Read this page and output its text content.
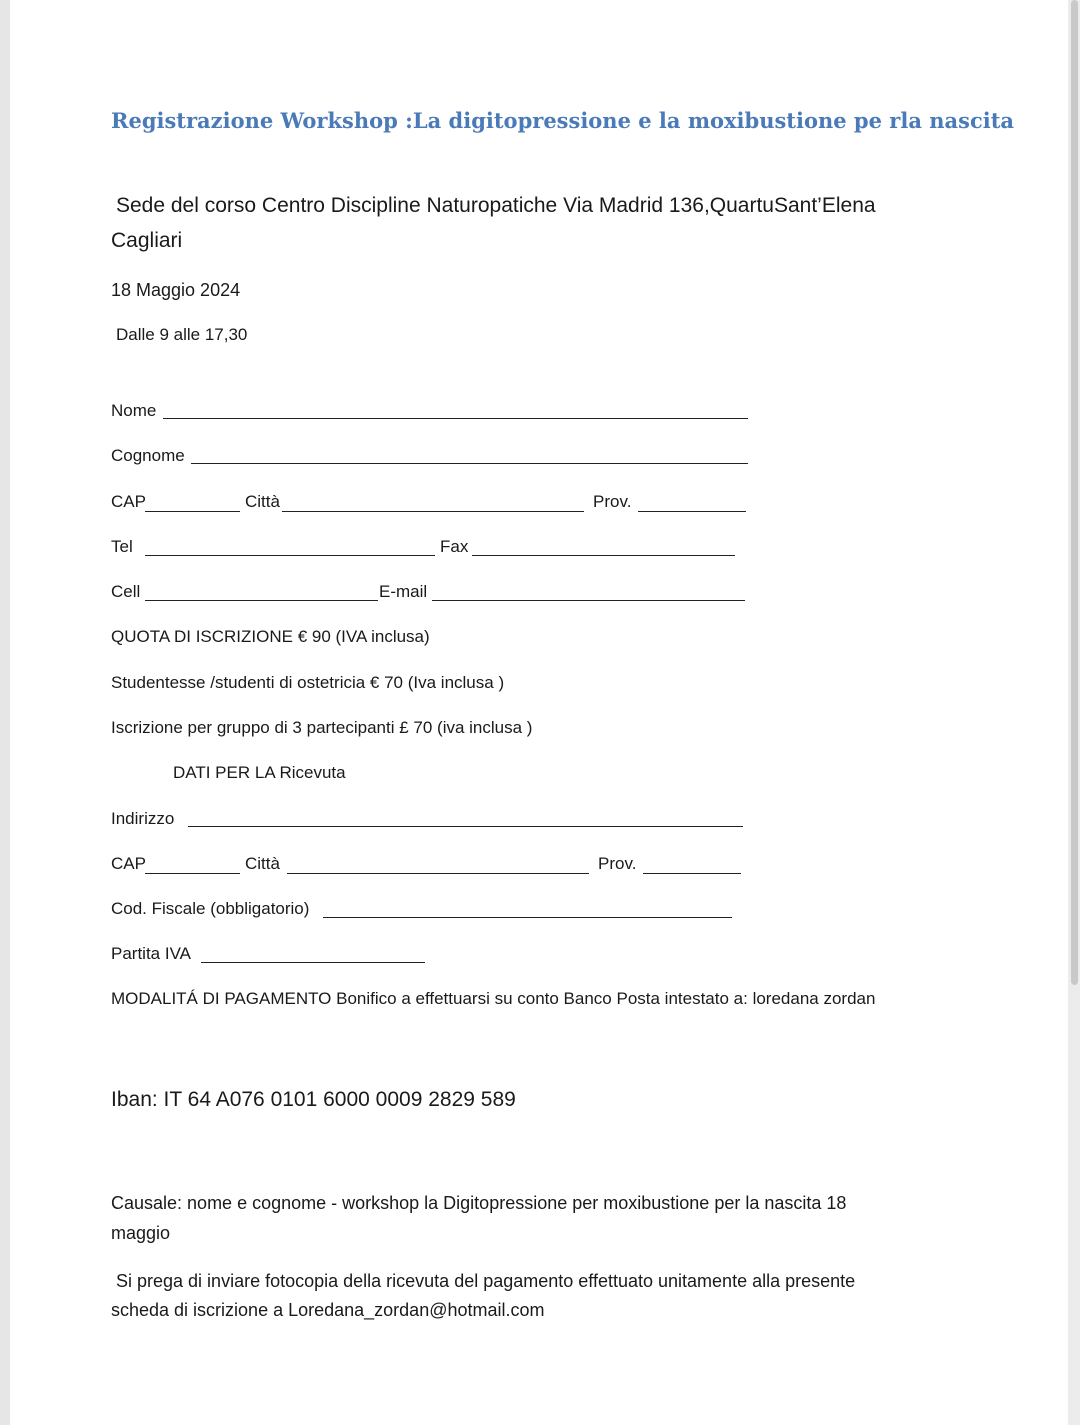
Registrazione Workshop :La digitopressione e la moxibustione pe rla nascita
Sede del corso Centro Discipline Naturopatiche Via Madrid 136,QuartuSant’Elena
Cagliari
18 Maggio 2024
Dalle 9 alle 17,30
Nome
Cognome
CAP	Città	Prov.
Tel	Fax
Cell	E-mail
QUOTA DI ISCRIZIONE € 90 (IVA inclusa)
Studentesse /studenti di ostetricia € 70 (Iva inclusa )
Iscrizione per gruppo di 3 partecipanti £ 70 (iva inclusa )
DATI PER LA Ricevuta
Indirizzo
CAP	Città	Prov.
Cod. Fiscale (obbligatorio)
Partita IVA
MODALITÁ DI PAGAMENTO Bonifico a effettuarsi su conto Banco Posta intestato a: loredana zordan
Iban: IT 64 A076 0101 6000 0009 2829 589
Causale: nome e cognome - workshop la Digitopressione per moxibustione per la nascita 18
maggio
Si prega di inviare fotocopia della ricevuta del pagamento effettuato unitamente alla presente
scheda di iscrizione a Loredana_zordan@hotmail.com
